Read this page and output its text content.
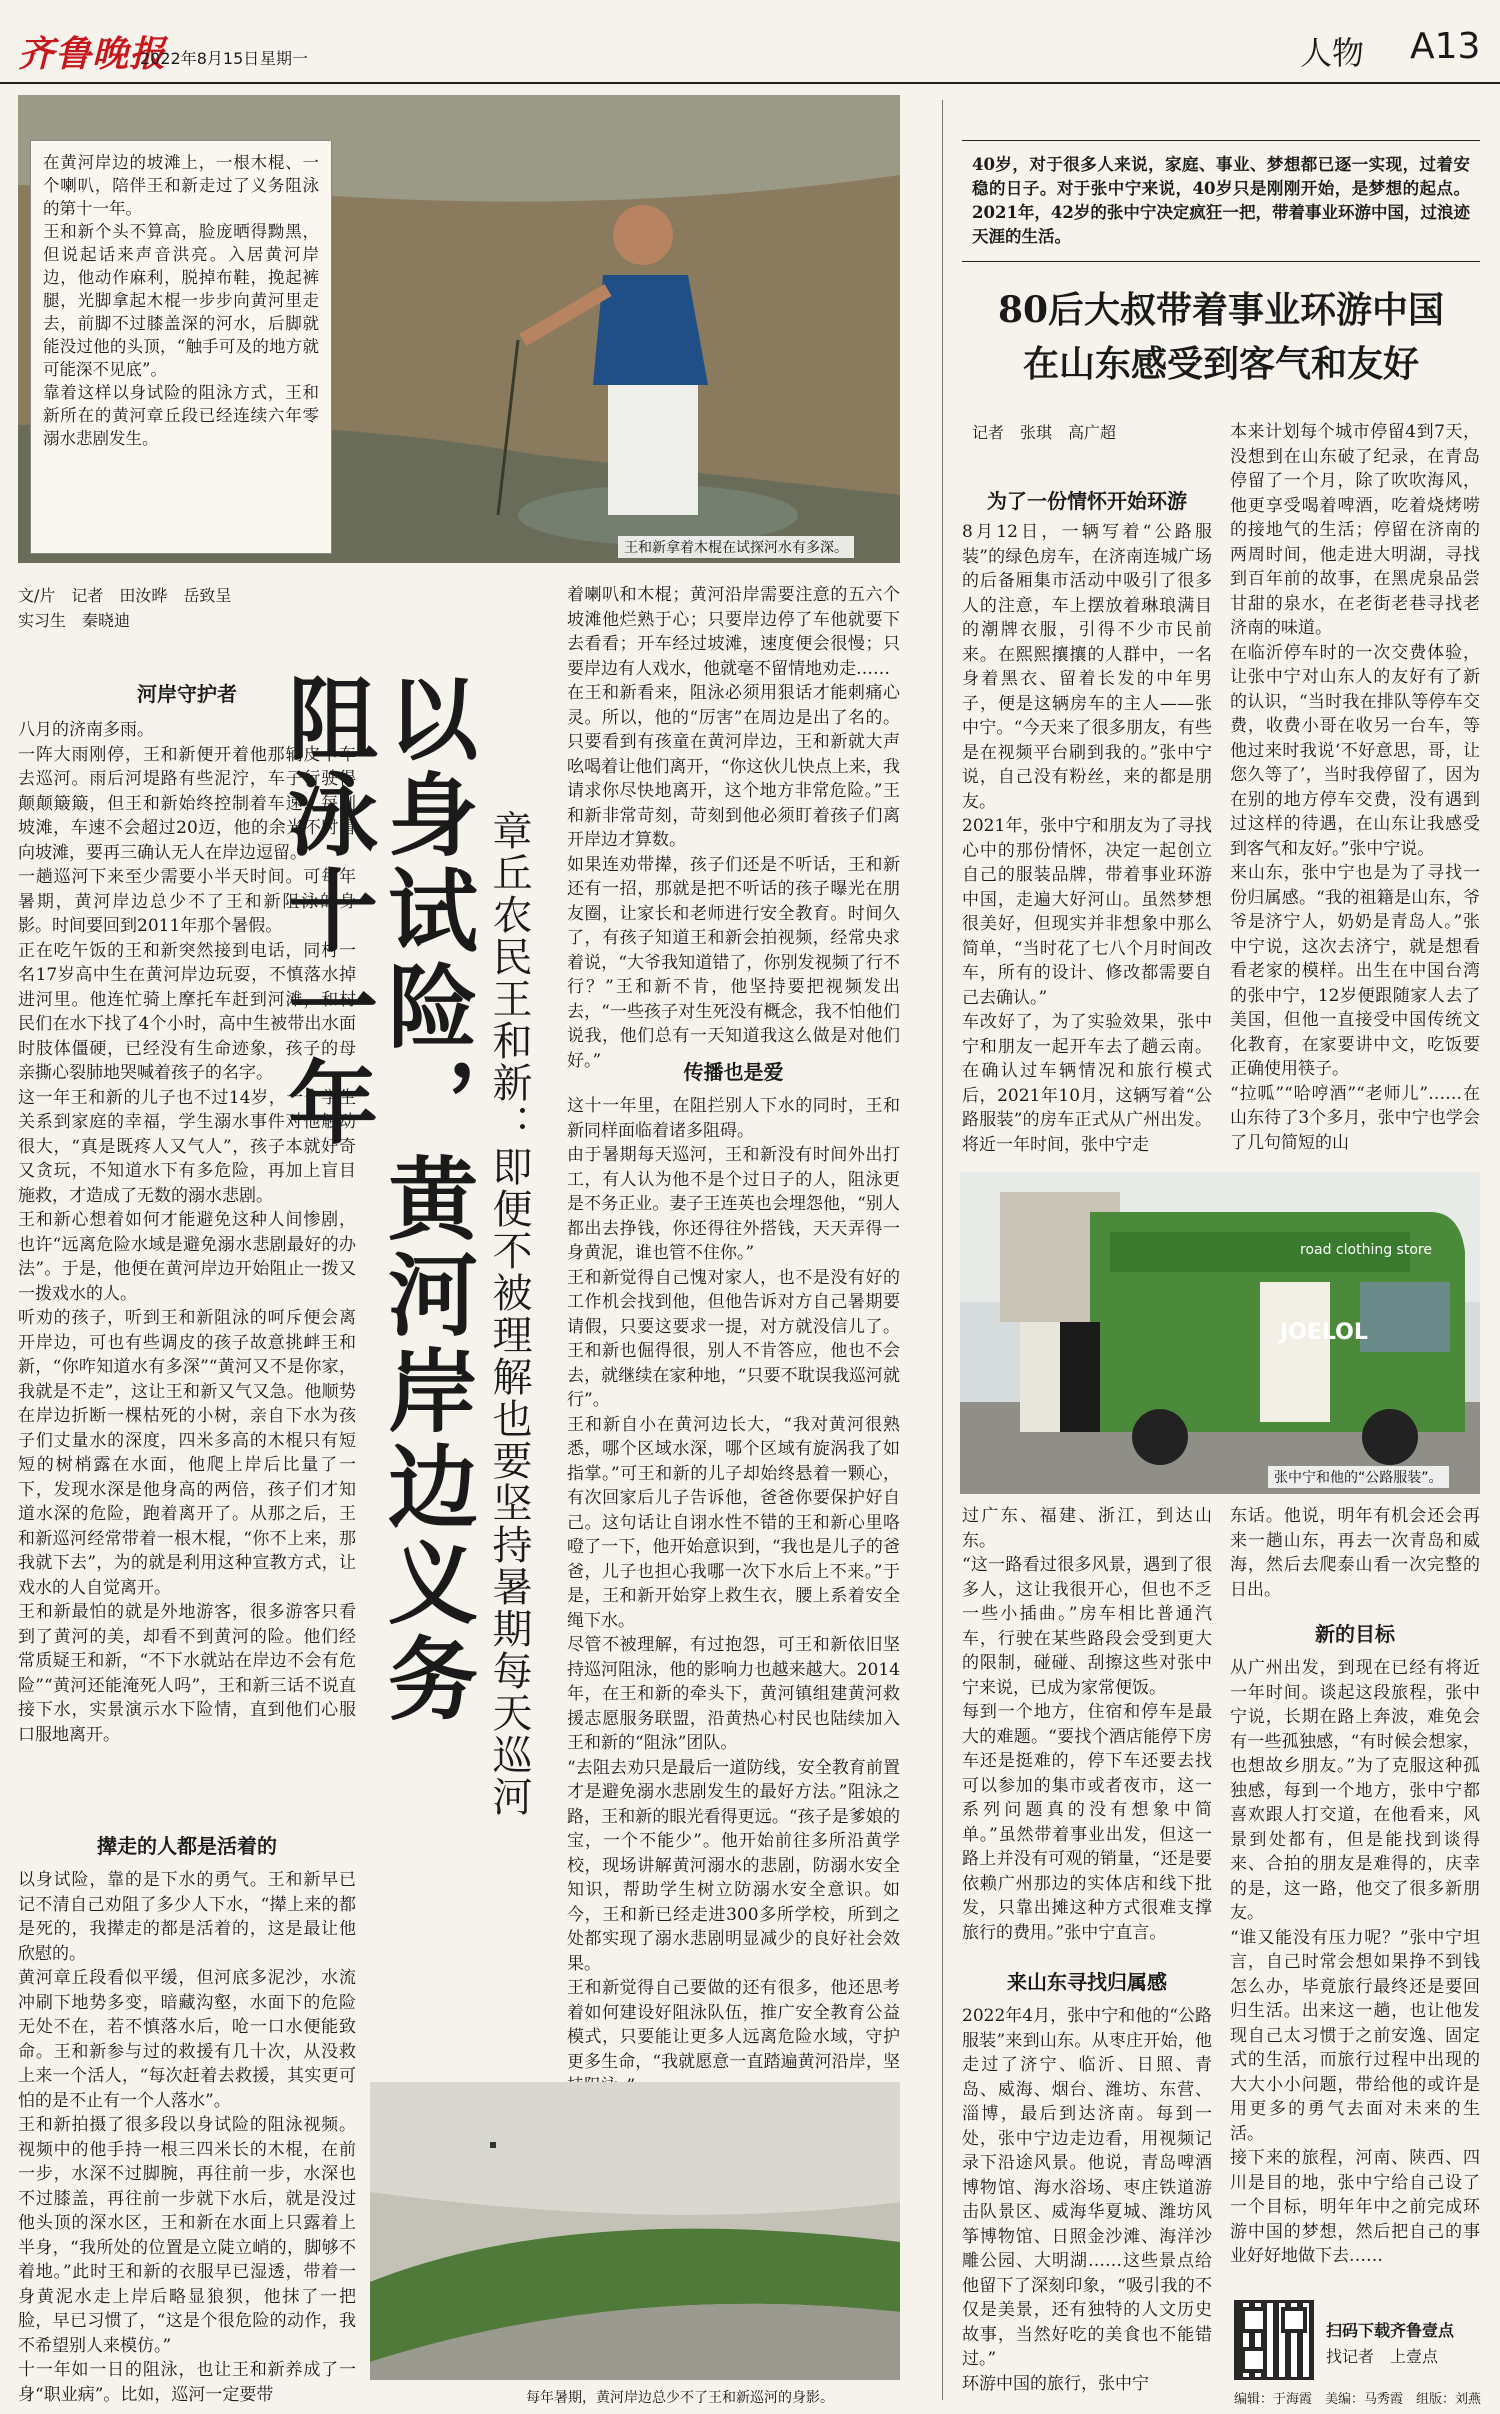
齐鲁晚报
2022年8月15日 星期一	人物 A13
在黄河岸边的坡滩上，一根木棍、一个喇叭，陪伴王和新走过了义务阻泳的第十一年。
王和新个头不算高，脸庞晒得黝黑，但说起话来声音洪亮。入居黄河岸边，他动作麻利，脱掉布鞋，挽起裤腿，光脚拿起木棍一步步向黄河里走去，前脚不过膝盖深的河水，后脚就能没过他的头顶，“触手可及的地方就可能深不见底”。
靠着这样以身试险的阻泳方式，王和新所在的黄河章丘段已经连续六年零溺水悲剧发生。
王和新拿着木棍在试探河水有多深。
文/片　记者　田汝晔　岳致呈
实习生　秦晓迪
河岸守护者
八月的济南多雨。
一阵大雨刚停，王和新便开着他那辆皮卡车去巡河。雨后河堤路有些泥泞，车子行驶得颠颠簸簸，但王和新始终控制着车速，每到坡滩，车速不会超过20迈，他的余光不时看向坡滩，要再三确认无人在岸边逗留。
一趟巡河下来至少需要小半天时间。可每年暑期，黄河岸边总少不了王和新阻泳的身影。时间要回到2011年那个暑假。
正在吃午饭的王和新突然接到电话，同村一名17岁高中生在黄河岸边玩耍，不慎落水掉进河里。他连忙骑上摩托车赶到河滩，和村民们在水下找了4个小时，高中生被带出水面时肢体僵硬，已经没有生命迹象，孩子的母亲撕心裂肺地哭喊着孩子的名字。
这一年王和新的儿子也不过14岁，一个学生关系到家庭的幸福，学生溺水事件对他触动很大，“真是既疼人又气人”，孩子本就好奇又贪玩，不知道水下有多危险，再加上盲目施救，才造成了无数的溺水悲剧。
王和新心想着如何才能避免这种人间惨剧，也许“远离危险水域是避免溺水悲剧最好的办法”。于是，他便在黄河岸边开始阻止一拨又一拨戏水的人。
听劝的孩子，听到王和新阻泳的呵斥便会离开岸边，可也有些调皮的孩子故意挑衅王和新，“你咋知道水有多深”“黄河又不是你家，我就是不走”，这让王和新又气又急。他顺势在岸边折断一棵枯死的小树，亲自下水为孩子们丈量水的深度，四米多高的木棍只有短短的树梢露在水面，他爬上岸后比量了一下，发现水深是他身高的两倍，孩子们才知道水深的危险，跑着离开了。从那之后，王和新巡河经常带着一根木棍，“你不上来，那我就下去”，为的就是利用这种宣教方式，让戏水的人自觉离开。
王和新最怕的就是外地游客，很多游客只看到了黄河的美，却看不到黄河的险。他们经常质疑王和新，“不下水就站在岸边不会有危险”“黄河还能淹死人吗”，王和新三话不说直接下水，实景演示水下险情，直到他们心服口服地离开。
撵走的人都是活着的
以身试险，靠的是下水的勇气。王和新早已记不清自己劝阻了多少人下水，“撵上来的都是死的，我撵走的都是活着的，这是最让他欣慰的。
黄河章丘段看似平缓，但河底多泥沙，水流冲刷下地势多变，暗藏沟壑，水面下的危险无处不在，若不慎落水后，呛一口水便能致命。王和新参与过的救援有几十次，从没救上来一个活人，“每次赶着去救援，其实更可怕的是不止有一个人落水”。
王和新拍摄了很多段以身试险的阻泳视频。视频中的他手持一根三四米长的木棍，在前一步，水深不过脚腕，再往前一步，水深也不过膝盖，再往前一步就下水后，就是没过他头顶的深水区，王和新在水面上只露着上半身，“我所处的位置是立陡立峭的，脚够不着地。”此时王和新的衣服早已湿透，带着一身黄泥水走上岸后略显狼狈，他抹了一把脸，早已习惯了，“这是个很危险的动作，我不希望别人来模仿。”
十一年如一日的阻泳，也让王和新养成了一身“职业病”。比如，巡河一定要带
以身试险，黄河岸边义务阻泳十一年	章丘农民王和新：即便不被理解也要坚持暑期每天巡河
着喇叭和木棍；黄河沿岸需要注意的五六个坡滩他烂熟于心；只要岸边停了车他就要下去看看；开车经过坡滩，速度便会很慢；只要岸边有人戏水，他就毫不留情地劝走……
在王和新看来，阻泳必须用狠话才能刺痛心灵。所以，他的“厉害”在周边是出了名的。只要看到有孩童在黄河岸边，王和新就大声吆喝着让他们离开，“你这伙儿快点上来，我请求你尽快地离开，这个地方非常危险。”王和新非常苛刻，苛刻到他必须盯着孩子们离开岸边才算数。
如果连劝带撵，孩子们还是不听话，王和新还有一招，那就是把不听话的孩子曝光在朋友圈，让家长和老师进行安全教育。时间久了，有孩子知道王和新会拍视频，经常央求着说，“大爷我知道错了，你别发视频了行不行？”王和新不肯，他坚持要把视频发出去，“一些孩子对生死没有概念，我不怕他们说我，他们总有一天知道我这么做是对他们好。”	传播也是爱
这十一年里，在阻拦别人下水的同时，王和新同样面临着诸多阻碍。
由于暑期每天巡河，王和新没有时间外出打工，有人认为他不是个过日子的人，阻泳更是不务正业。妻子王连英也会埋怨他，“别人都出去挣钱，你还得往外搭钱，天天弄得一身黄泥，谁也管不住你。”
王和新觉得自己愧对家人，也不是没有好的工作机会找到他，但他告诉对方自己暑期要请假，只要这要求一提，对方就没信儿了。王和新也倔得很，别人不肯答应，他也不会去，就继续在家种地，“只要不耽误我巡河就行”。
王和新自小在黄河边长大，“我对黄河很熟悉，哪个区域水深，哪个区域有旋涡我了如指掌。”可王和新的儿子却始终悬着一颗心，有次回家后儿子告诉他，爸爸你要保护好自己。这句话让自诩水性不错的王和新心里咯噔了一下，他开始意识到，“我也是儿子的爸爸，儿子也担心我哪一次下水后上不来。”于是，王和新开始穿上救生衣，腰上系着安全绳下水。
尽管不被理解，有过抱怨，可王和新依旧坚持巡河阻泳，他的影响力也越来越大。2014年，在王和新的牵头下，黄河镇组建黄河救援志愿服务联盟，沿黄热心村民也陆续加入王和新的“阻泳”团队。
“去阻去劝只是最后一道防线，安全教育前置才是避免溺水悲剧发生的最好方法。”阻泳之路，王和新的眼光看得更远。“孩子是爹娘的宝，一个不能少”。他开始前往多所沿黄学校，现场讲解黄河溺水的悲剧，防溺水安全知识，帮助学生树立防溺水安全意识。如今，王和新已经走进300多所学校，所到之处都实现了溺水悲剧明显减少的良好社会效果。
王和新觉得自己要做的还有很多，他还思考着如何建设好阻泳队伍，推广安全教育公益模式，只要能让更多人远离危险水域，守护更多生命，“我就愿意一直踏遍黄河沿岸，坚
每年暑期，黄河岸边总少不了王和新巡河的身影。
40岁，对于很多人来说，家庭、事业、梦想都已逐一实现，过着安稳的日子。对于张中宁来说，40岁只是刚刚开始，是梦想的起点。2021年，42岁的张中宁决定疯狂一把，带着事业环游中国，过浪迹天涯的生活。
80后大叔带着事业环游中国
在山东感受到客气和友好
记者　张琪　高广超
为了一份情怀开始环游
8月12日，一辆写着“公路服装”的绿色房车，在济南连城广场的后备厢集市活动中吸引了很多人的注意，车上摆放着琳琅满目的潮牌衣服，引得不少市民前来。在熙熙攘攘的人群中，一名身着黑衣、留着长发的中年男子，便是这辆房车的主人——张中宁。“今天来了很多朋友，有些是在视频平台刷到我的。”张中宁说，自己没有粉丝，来的都是朋友。
2021年，张中宁和朋友为了寻找心中的那份情怀，决定一起创立自己的服装品牌，带着事业环游中国，走遍大好河山。虽然梦想很美好，但现实并非想象中那么简单，“当时花了七八个月时间改车，所有的设计、修改都需要自己去确认。”
车改好了，为了实验效果，张中宁和朋友一起开车去了趟云南。在确认过车辆情况和旅行模式后，2021年10月，这辆写着“公路服装”的房车正式从广州出发。将近一年时间，张中宁走
本来计划每个城市停留4到7天，没想到在山东破了纪录，在青岛停留了一个月，除了吹吹海风，他更享受喝着啤酒，吃着烧烤唠的接地气的生活；停留在济南的两周时间，他走进大明湖，寻找到百年前的故事，在黑虎泉品尝甘甜的泉水，在老街老巷寻找老济南的味道。
在临沂停车时的一次交费体验，让张中宁对山东人的友好有了新的认识，“当时我在排队等停车交费，收费小哥在收另一台车，等他过来时我说‘不好意思，哥，让您久等了’，当时我停留了，因为在别的地方停车交费，没有遇到过这样的待遇，在山东让我感受到客气和友好。”张中宁说。
来山东，张中宁也是为了寻找一份归属感。“我的祖籍是山东，爷爷是济宁人，奶奶是青岛人。”张中宁说，这次去济宁，就是想看看老家的模样。出生在中国台湾的张中宁，12岁便跟随家人去了美国，但他一直接受中国传统文化教育，在家要讲中文，吃饭要正确使用筷子。
“拉呱”“哈哼酒”“老师儿”……在山东待了3个多月，张中宁也学会了几句简短的山
JOELOL
road clothing store
张中宁和他的“公路服装”。
过广东、福建、浙江，到达山东。
“这一路看过很多风景，遇到了很多人，这让我很开心，但也不乏一些小插曲。”房车相比普通汽车，行驶在某些路段会受到更大的限制，碰碰、刮擦这些对张中宁来说，已成为家常便饭。
每到一个地方，住宿和停车是最大的难题。“要找个酒店能停下房车还是挺难的，停下车还要去找可以参加的集市或者夜市，这一系列问题真的没有想象中简单。”虽然带着事业出发，但这一路上并没有可观的销量，“还是要依赖广州那边的实体店和线下批发，只靠出摊这种方式很难支撑旅行的费用。”张中宁直言。
来山东寻找归属感
2022年4月，张中宁和他的“公路服装”来到山东。从枣庄开始，他走过了济宁、临沂、日照、青岛、威海、烟台、潍坊、东营、淄博，最后到达济南。每到一处，张中宁边走边看，用视频记录下沿途风景。他说，青岛啤酒博物馆、海水浴场、枣庄铁道游击队景区、威海华夏城、潍坊风筝博物馆、日照金沙滩、海洋沙雕公园、大明湖……这些景点给他留下了深刻印象，“吸引我的不仅是美景，还有独特的人文历史故事，当然好吃的美食也不能错过。”
环游中国的旅行，张中宁
东话。他说，明年有机会还会再来一趟山东，再去一次青岛和威海，然后去爬泰山看一次完整的日出。
新的目标
从广州出发，到现在已经有将近一年时间。谈起这段旅程，张中宁说，长期在路上奔波，难免会有一些孤独感，“有时候会想家，也想故乡朋友。”为了克服这种孤独感，每到一个地方，张中宁都喜欢跟人打交道，在他看来，风景到处都有，但是能找到谈得来、合拍的朋友是难得的，庆幸的是，这一路，他交了很多新朋友。
“谁又能没有压力呢？”张中宁坦言，自己时常会想如果挣不到钱怎么办，毕竟旅行最终还是要回归生活。出来这一趟，也让他发现自己太习惯于之前安逸、固定式的生活，而旅行过程中出现的大大小小问题，带给他的或许是用更多的勇气去面对未来的生活。
接下来的旅程，河南、陕西、四川是目的地，张中宁给自己设了一个目标，明年年中之前完成环游中国的梦想，然后把自己的事业好好地做下去……
扫码下载齐鲁壹点
找记者　上壹点
编辑：于海霞　美编：马秀霞　组版：刘燕
